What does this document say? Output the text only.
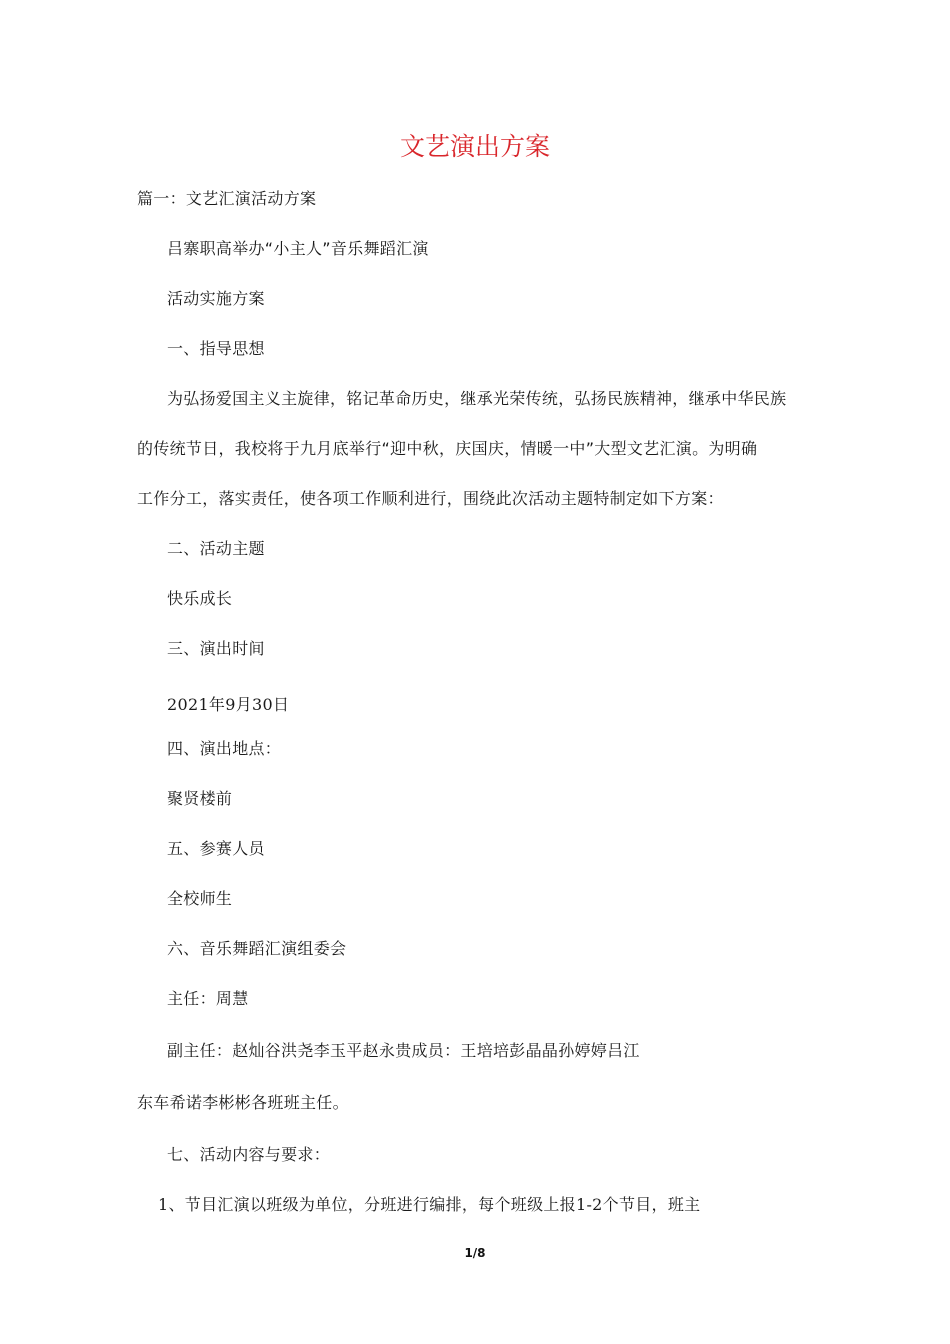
文艺演出方案
篇一：文艺汇演活动方案
吕寨职高举办“小主人”音乐舞蹈汇演
活动实施方案
一、指导思想
为弘扬爱国主义主旋律，铭记革命历史，继承光荣传统，弘扬民族精神，继承中华民族
的传统节日，我校将于九月底举行“迎中秋，庆国庆，情暖一中”大型文艺汇演。为明确
工作分工，落实责任，使各项工作顺利进行，围绕此次活动主题特制定如下方案：
二、活动主题
快乐成长
三、演出时间
2021年9月30日
四、演出地点：
聚贤楼前
五、参赛人员
全校师生
六、音乐舞蹈汇演组委会
主任：周慧
副主任：赵灿谷洪尧李玉平赵永贵成员：王培培彭晶晶孙婷婷吕江
东车希诺李彬彬各班班主任。
七、活动内容与要求：
1、节目汇演以班级为单位，分班进行编排，每个班级上报1-2个节目，班主
1/8
